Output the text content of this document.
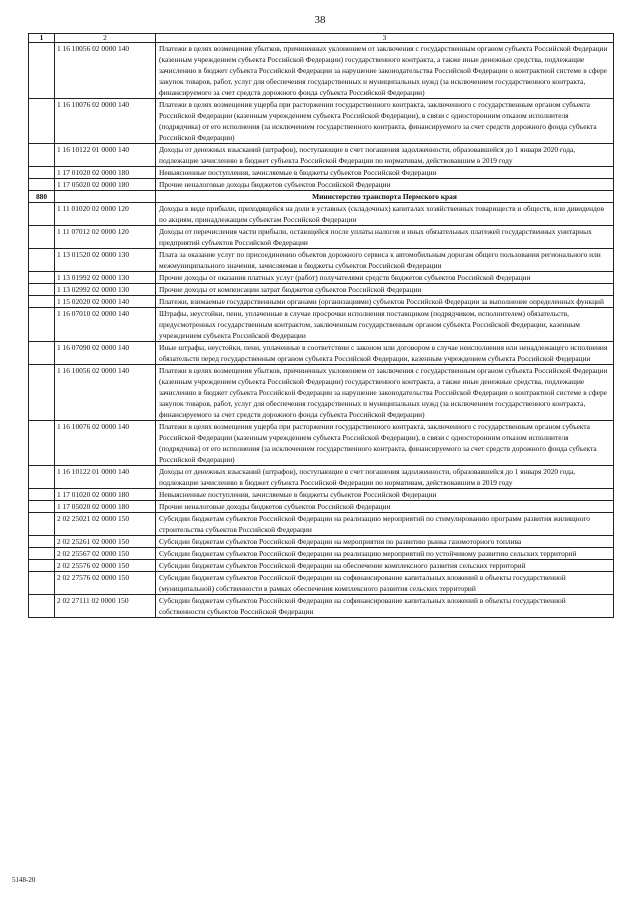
38
1	2	3
	1 16 10056 02 0000 140	Платежи в целях возмещения убытков, причиненных уклонением от заключения с государственным органом субъекта Российской Федерации (казенным учреждением субъекта Российской Федерации) государственного контракта, а также иные денежные средства, подлежащие зачислению в бюджет субъекта Российской Федерации за нарушение законодательства Российской Федерации о контрактной системе в сфере закупок товаров, работ, услуг для обеспечения государственных и муниципальных нужд (за исключением государственного контракта, финансируемого за счет средств дорожного фонда субъекта Российской Федерации)
	1 16 10076 02 0000 140	Платежи в целях возмещения ущерба при расторжении государственного контракта, заключенного с государственным органом субъекта Российской Федерации (казенным учреждением субъекта Российской Федерации), в связи с односторонним отказом исполнителя (подрядчика) от его исполнения (за исключением государственного контракта, финансируемого за счет средств дорожного фонда субъекта Российской Федерации)
	1 16 10122 01 0000 140	Доходы от денежных взысканий (штрафов), поступающие в счет погашения задолженности, образовавшейся до 1 января 2020 года, подлежащие зачислению в бюджет субъекта Российской Федерации по нормативам, действовавшим в 2019 году
	1 17 01020 02 0000 180	Невыясненные поступления, зачисляемые в бюджеты субъектов Российской Федерации
	1 17 05020 02 0000 180	Прочие неналоговые доходы бюджетов субъектов Российской Федерации
880		Министерство транспорта Пермского края
	1 11 01020 02 0000 120	Доходы в виде прибыли, приходящейся на доли в уставных (складочных) капиталах хозяйственных товариществ и обществ, или дивидендов по акциям, принадлежащим субъектам Российской Федерации
	1 11 07012 02 0000 120	Доходы от перечисления части прибыли, остающейся после уплаты налогов и иных обязательных платежей государственных унитарных предприятий субъектов Российской Федерации
	1 13 01520 02 0000 130	Плата за оказание услуг по присоединению объектов дорожного сервиса к автомобильным дорогам общего пользования регионального или межмуниципального значения, зачисляемая в бюджеты субъектов Российской Федерации
	1 13 01992 02 0000 130	Прочие доходы от оказания платных услуг (работ) получателями средств бюджетов субъектов Российской Федерации
	1 13 02992 02 0000 130	Прочие доходы от компенсации затрат бюджетов субъектов Российской Федерации
	1 15 02020 02 0000 140	Платежи, взимаемые государственными органами (организациями) субъектов Российской Федерации за выполнение определенных функций
	1 16 07010 02 0000 140	Штрафы, неустойки, пени, уплаченные в случае просрочки исполнения поставщиком (подрядчиком, исполнителем) обязательств, предусмотренных государственным контрактом, заключенным государственным органом субъекта Российской Федерации, казенным учреждением субъекта Российской Федерации
	1 16 07090 02 0000 140	Иные штрафы, неустойки, пени, уплаченные в соответствии с законом или договором в случае неисполнения или ненадлежащего исполнения обязательств перед государственным органом субъекта Российской Федерации, казенным учреждением субъекта Российской Федерации
	1 16 10056 02 0000 140	Платежи в целях возмещения убытков, причиненных уклонением от заключения с государственным органом субъекта Российской Федерации (казенным учреждением субъекта Российской Федерации) государственного контракта, а также иные денежные средства, подлежащие зачислению в бюджет субъекта Российской Федерации за нарушение законодательства Российской Федерации о контрактной системе в сфере закупок товаров, работ, услуг для обеспечения государственных и муниципальных нужд (за исключением государственного контракта, финансируемого за счет средств дорожного фонда субъекта Российской Федерации)
	1 16 10076 02 0000 140	Платежи в целях возмещения ущерба при расторжении государственного контракта, заключенного с государственным органом субъекта Российской Федерации (казенным учреждением субъекта Российской Федерации), в связи с односторонним отказом исполнителя (подрядчика) от его исполнения (за исключением государственного контракта, финансируемого за счет средств дорожного фонда субъекта Российской Федерации)
	1 16 10122 01 0000 140	Доходы от денежных взысканий (штрафов), поступающие в счет погашения задолженности, образовавшейся до 1 января 2020 года, подлежащие зачислению в бюджет субъекта Российской Федерации по нормативам, действовавшим в 2019 году
	1 17 01020 02 0000 180	Невыясненные поступления, зачисляемые в бюджеты субъектов Российской Федерации
	1 17 05020 02 0000 180	Прочие неналоговые доходы бюджетов субъектов Российской Федерации
	2 02 25021 02 0000 150	Субсидии бюджетам субъектов Российской Федерации на реализацию мероприятий по стимулированию программ развития жилищного строительства субъектов Российской Федерации
	2 02 25261 02 0000 150	Субсидии бюджетам субъектов Российской Федерации на мероприятия по развитию рынка газомоторного топлива
	2 02 25567 02 0000 150	Субсидии бюджетам субъектов Российской Федерации на реализацию мероприятий по устойчивому развитию сельских территорий
	2 02 25576 02 0000 150	Субсидии бюджетам субъектов Российской Федерации на обеспечение комплексного развития сельских территорий
	2 02 27576 02 0000 150	Субсидии бюджетам субъектов Российской Федерации на софинансирование капитальных вложений в объекты государственной (муниципальной) собственности в рамках обеспечения комплексного развития сельских территорий
	2 02 27111 02 0000 150	Субсидии бюджетам субъектов Российской Федерации на софинансирование капитальных вложений в объекты государственной собственности субъектов Российской Федерации
5148-20
